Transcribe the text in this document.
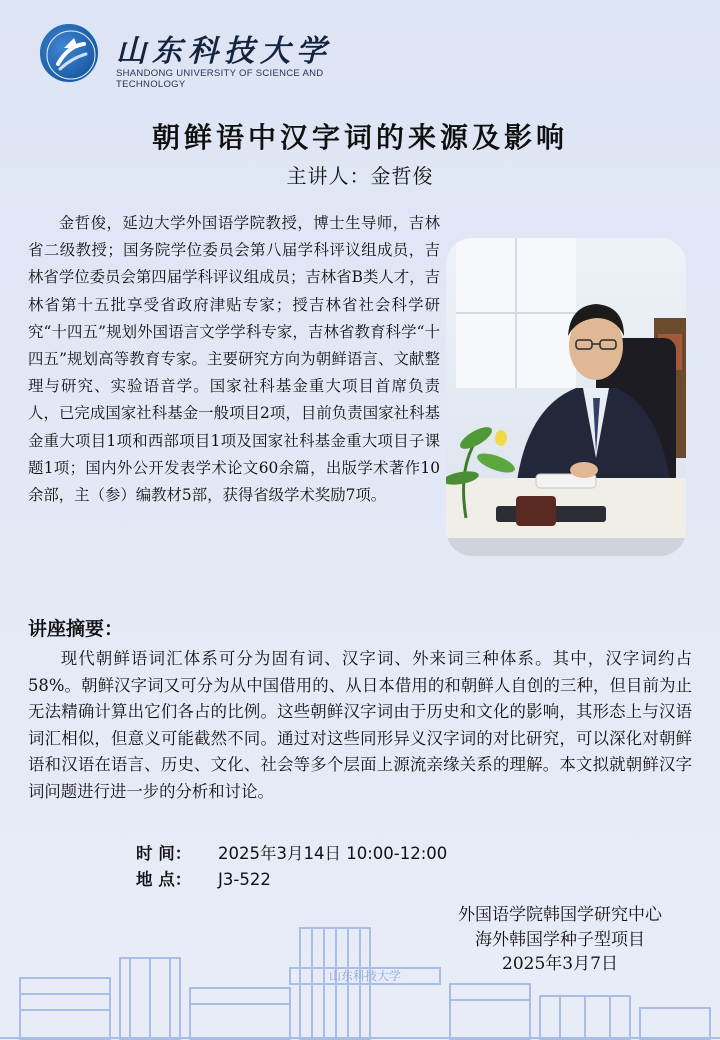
山东科技大学
SHANDONG UNIVERSITY OF SCIENCE AND TECHNOLOGY
朝鲜语中汉字词的来源及影响
主讲人：金哲俊
金哲俊，延边大学外国语学院教授，博士生导师，吉林省二级教授；国务院学位委员会第八届学科评议组成员，吉林省学位委员会第四届学科评议组成员；吉林省B类人才，吉林省第十五批享受省政府津贴专家；授吉林省社会科学研究“十四五”规划外国语言文学学科专家，吉林省教育科学“十四五”规划高等教育专家。主要研究方向为朝鲜语言、文献整理与研究、实验语音学。国家社科基金重大项目首席负责人，已完成国家社科基金一般项目2项，目前负责国家社科基金重大项目1项和西部项目1项及国家社科基金重大项目子课题1项；国内外公开发表学术论文60余篇，出版学术著作10余部，主（参）编教材5部，获得省级学术奖励7项。
讲座摘要：
现代朝鲜语词汇体系可分为固有词、汉字词、外来词三种体系。其中，汉字词约占58%。朝鲜汉字词又可分为从中国借用的、从日本借用的和朝鲜人自创的三种，但目前为止无法精确计算出它们各占的比例。这些朝鲜汉字词由于历史和文化的影响，其形态上与汉语词汇相似，但意义可能截然不同。通过对这些同形异义汉字词的对比研究，可以深化对朝鲜语和汉语在语言、历史、文化、社会等多个层面上源流亲缘关系的理解。本文拟就朝鲜汉字词问题进行进一步的分析和讨论。
时 间： 2025年3月14日 10:00-12:00
地 点： J3-522
山东科技大学
外国语学院韩国学研究中心
海外韩国学种子型项目
2025年3月7日
